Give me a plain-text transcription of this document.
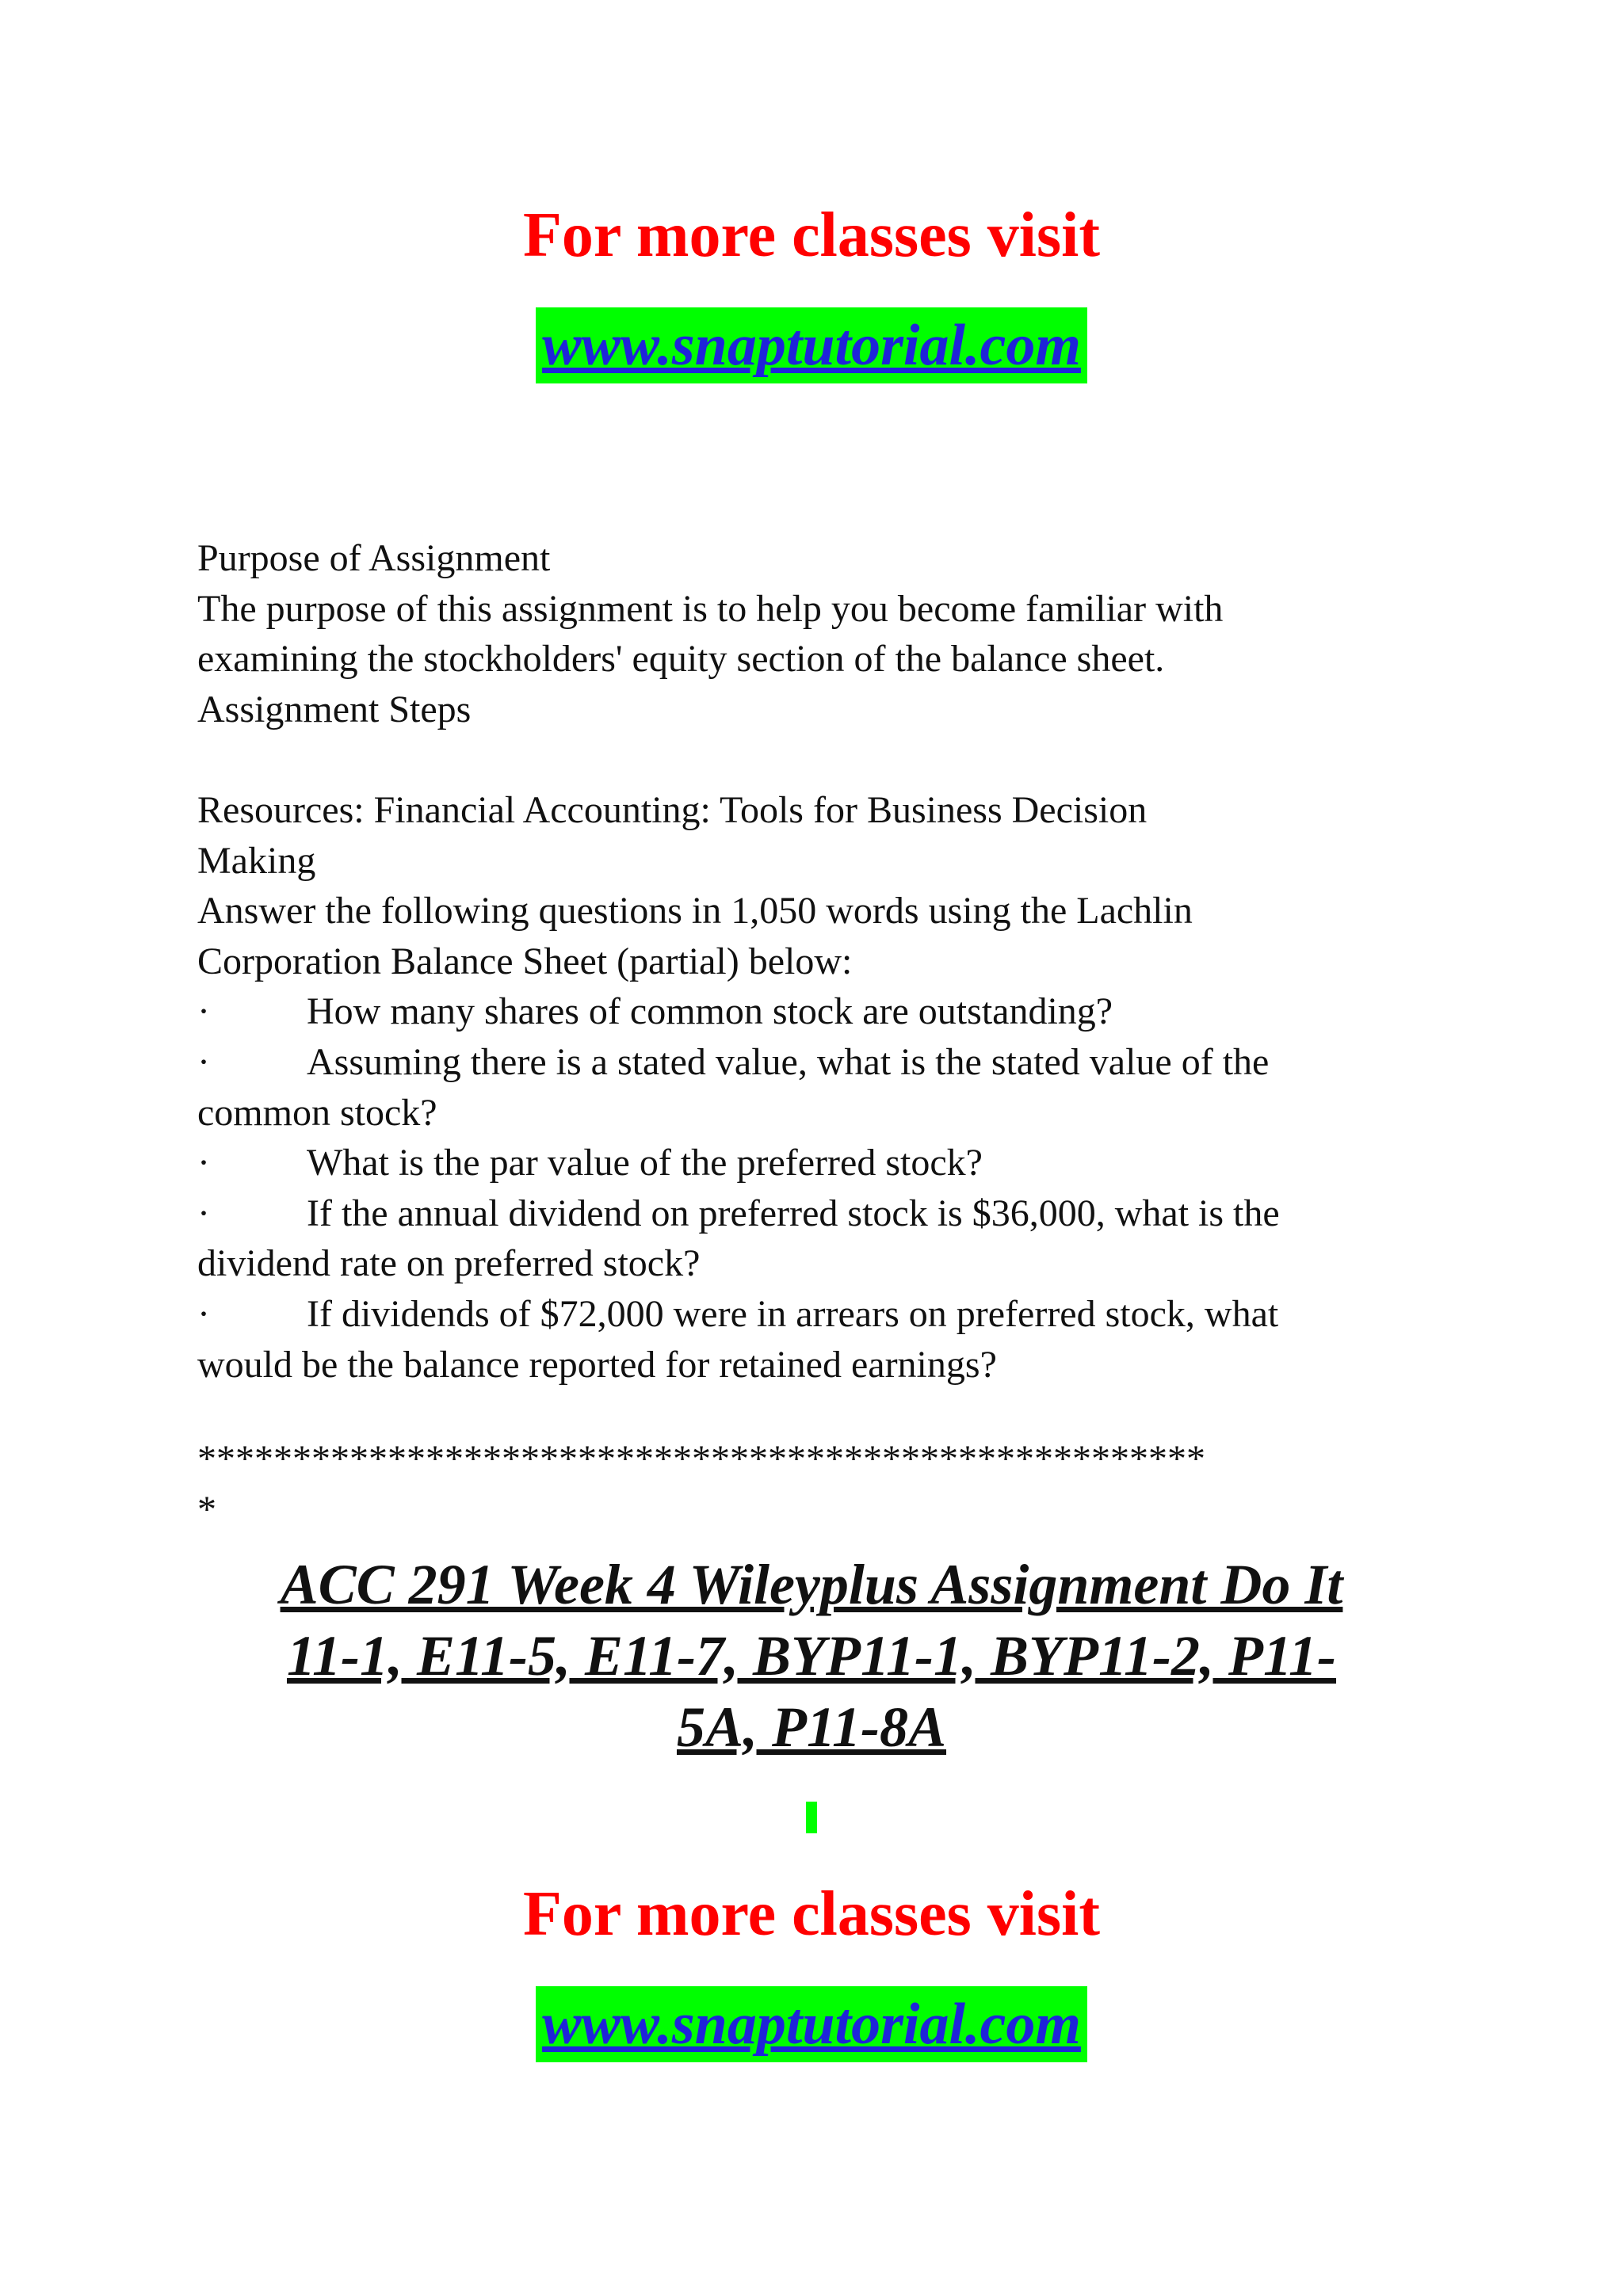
For more classes visit
www.snaptutorial.com
Purpose of Assignment
The purpose of this assignment is to help you become familiar with
examining the stockholders' equity section of the balance sheet.
Assignment Steps

Resources: Financial Accounting: Tools for Business Decision
Making
Answer the following questions in 1,050 words using the Lachlin
Corporation Balance Sheet (partial) below:
·	How many shares of common stock are outstanding?
·	Assuming there is a stated value, what is the stated value of the
common stock?
·	What is the par value of the preferred stock?
·	If the annual dividend on preferred stock is $36,000, what is the
dividend rate on preferred stock?
·	If dividends of $72,000 were in arrears on preferred stock, what
would be the balance reported for retained earnings?
*****************************************************
*
ACC 291 Week 4 Wileyplus Assignment Do It
11-1, E11-5, E11-7, BYP11-1, BYP11-2, P11-
5A, P11-8A
For more classes visit
www.snaptutorial.com
